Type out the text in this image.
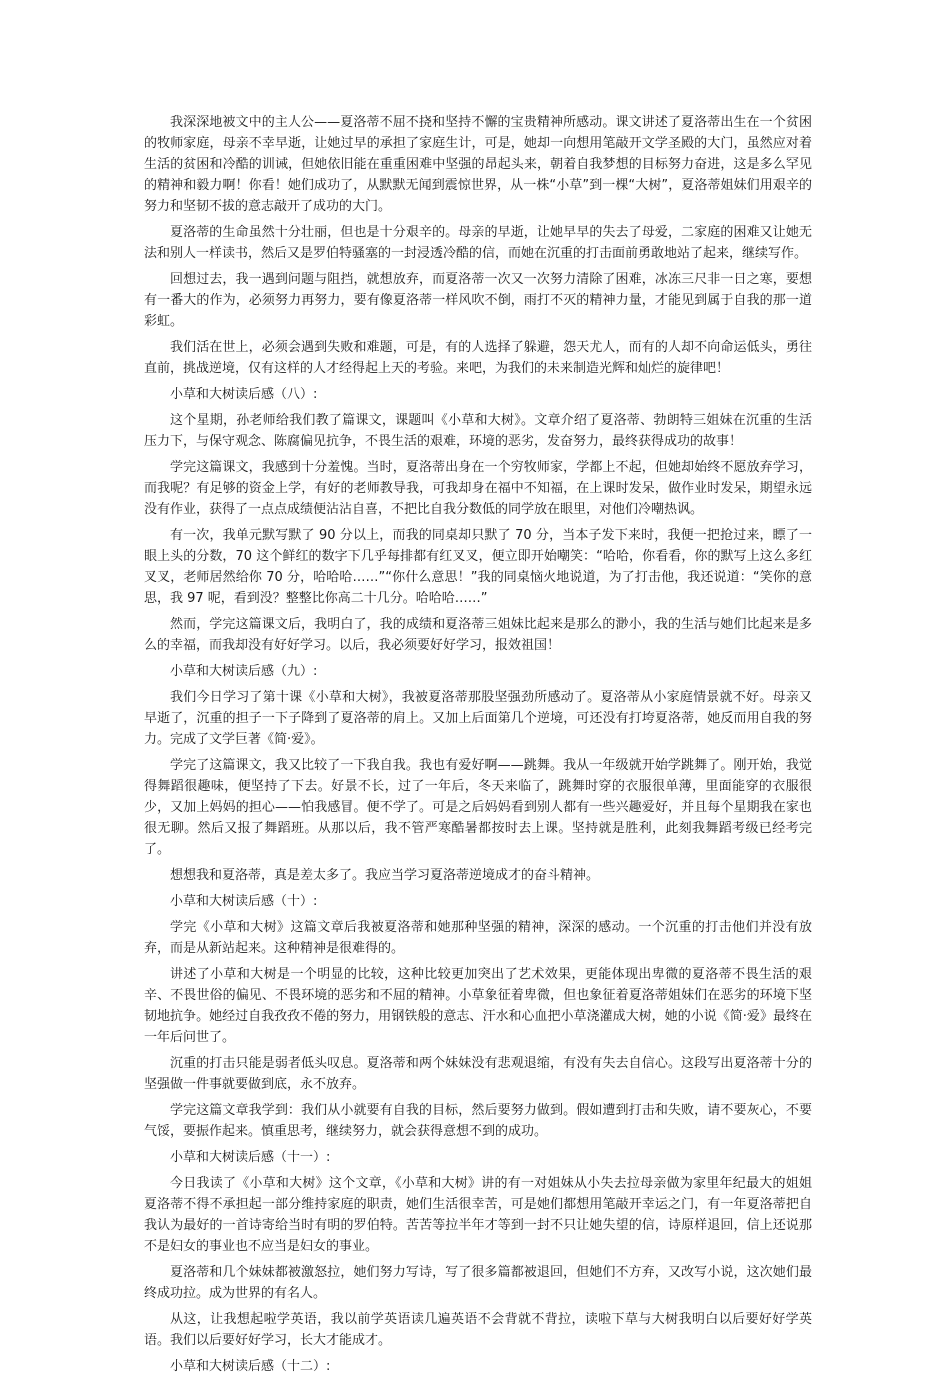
我深深地被文中的主人公——夏洛蒂不屈不挠和坚持不懈的宝贵精神所感动。课文讲述了夏洛蒂出生在一个贫困的牧师家庭，母亲不幸早逝，让她过早的承担了家庭生计，可是，她却一向想用笔敲开文学圣殿的大门，虽然应对着生活的贫困和冷酷的训诫，但她依旧能在重重困难中坚强的昂起头来，朝着自我梦想的目标努力奋进，这是多么罕见的精神和毅力啊！你看！她们成功了，从默默无闻到震惊世界，从一株“小草”到一棵“大树”，夏洛蒂姐妹们用艰辛的努力和坚韧不拔的意志敲开了成功的大门。

夏洛蒂的生命虽然十分壮丽，但也是十分艰辛的。母亲的早逝，让她早早的失去了母爱，二家庭的困难又让她无法和别人一样读书，然后又是罗伯特骚塞的一封浸透冷酷的信，而她在沉重的打击面前勇敢地站了起来，继续写作。

回想过去，我一遇到问题与阻挡，就想放弃，而夏洛蒂一次又一次努力清除了困难，冰冻三尺非一日之寒，要想有一番大的作为，必须努力再努力，要有像夏洛蒂一样风吹不倒，雨打不灭的精神力量，才能见到属于自我的那一道彩虹。

我们活在世上，必须会遇到失败和难题，可是，有的人选择了躲避，怨天尤人，而有的人却不向命运低头，勇往直前，挑战逆境，仅有这样的人才经得起上天的考验。来吧，为我们的未来制造光辉和灿烂的旋律吧！

小草和大树读后感（八）:

这个星期，孙老师给我们教了篇课文，课题叫《小草和大树》。文章介绍了夏洛蒂、勃朗特三姐妹在沉重的生活压力下，与保守观念、陈腐偏见抗争，不畏生活的艰难，环境的恶劣，发奋努力，最终获得成功的故事！

学完这篇课文，我感到十分羞愧。当时，夏洛蒂出身在一个穷牧师家，学都上不起，但她却始终不愿放弃学习，而我呢？有足够的资金上学，有好的老师教导我，可我却身在福中不知福，在上课时发呆，做作业时发呆，期望永远没有作业，获得了一点点成绩便沾沾自喜，不把比自我分数低的同学放在眼里，对他们冷嘲热讽。

有一次，我单元默写默了 90 分以上，而我的同桌却只默了 70 分，当本子发下来时，我便一把抢过来，瞟了一眼上头的分数，70 这个鲜红的数字下几乎每排都有红叉叉，便立即开始嘲笑：“哈哈，你看看，你的默写上这么多红叉叉，老师居然给你 70 分，哈哈哈……”“你什么意思！”我的同桌恼火地说道，为了打击他，我还说道：“笑你的意思，我 97 呢，看到没？整整比你高二十几分。哈哈哈……”

然而，学完这篇课文后，我明白了，我的成绩和夏洛蒂三姐妹比起来是那么的渺小，我的生活与她们比起来是多么的幸福，而我却没有好好学习。以后，我必须要好好学习，报效祖国！

小草和大树读后感（九）:

我们今日学习了第十课《小草和大树》，我被夏洛蒂那股坚强劲所感动了。夏洛蒂从小家庭情景就不好。母亲又早逝了，沉重的担子一下子降到了夏洛蒂的肩上。又加上后面第几个逆境，可还没有打垮夏洛蒂，她反而用自我的努力。完成了文学巨著《简·爱》。

学完了这篇课文，我又比较了一下我自我。我也有爱好啊——跳舞。我从一年级就开始学跳舞了。刚开始，我觉得舞蹈很趣味，便坚持了下去。好景不长，过了一年后，冬天来临了，跳舞时穿的衣服很单薄，里面能穿的衣服很少，又加上妈妈的担心——怕我感冒。便不学了。可是之后妈妈看到别人都有一些兴趣爱好，并且每个星期我在家也很无聊。然后又报了舞蹈班。从那以后，我不管严寒酷暑都按时去上课。坚持就是胜利，此刻我舞蹈考级已经考完了。

想想我和夏洛蒂，真是差太多了。我应当学习夏洛蒂逆境成才的奋斗精神。

小草和大树读后感（十）:

学完《小草和大树》这篇文章后我被夏洛蒂和她那种坚强的精神，深深的感动。一个沉重的打击他们并没有放弃，而是从新站起来。这种精神是很难得的。

讲述了小草和大树是一个明显的比较，这种比较更加突出了艺术效果，更能体现出卑微的夏洛蒂不畏生活的艰辛、不畏世俗的偏见、不畏环境的恶劣和不屈的精神。小草象征着卑微，但也象征着夏洛蒂姐妹们在恶劣的环境下坚韧地抗争。她经过自我孜孜不倦的努力，用钢铁般的意志、汗水和心血把小草浇灌成大树，她的小说《简·爱》最终在一年后问世了。

沉重的打击只能是弱者低头叹息。夏洛蒂和两个妹妹没有悲观退缩，有没有失去自信心。这段写出夏洛蒂十分的坚强做一件事就要做到底，永不放弃。

学完这篇文章我学到：我们从小就要有自我的目标，然后要努力做到。假如遭到打击和失败，请不要灰心，不要气馁，要振作起来。慎重思考，继续努力，就会获得意想不到的成功。

小草和大树读后感（十一）:

今日我读了《小草和大树》这个文章，《小草和大树》讲的有一对姐妹从小失去拉母亲做为家里年纪最大的姐姐夏洛蒂不得不承担起一部分维持家庭的职责，她们生活很幸苦，可是她们都想用笔敲开幸运之门，有一年夏洛蒂把自我认为最好的一首诗寄给当时有明的罗伯特。苦苦等拉半年才等到一封不只让她失望的信，诗原样退回，信上还说那不是妇女的事业也不应当是妇女的事业。

夏洛蒂和几个妹妹都被激怒拉，她们努力写诗，写了很多篇都被退回，但她们不方弃，又改写小说，这次她们最终成功拉。成为世界的有名人。

从这，让我想起啦学英语，我以前学英语读几遍英语不会背就不背拉，读啦下草与大树我明白以后要好好学英语。我们以后要好好学习，长大才能成才。

小草和大树读后感（十二）:
